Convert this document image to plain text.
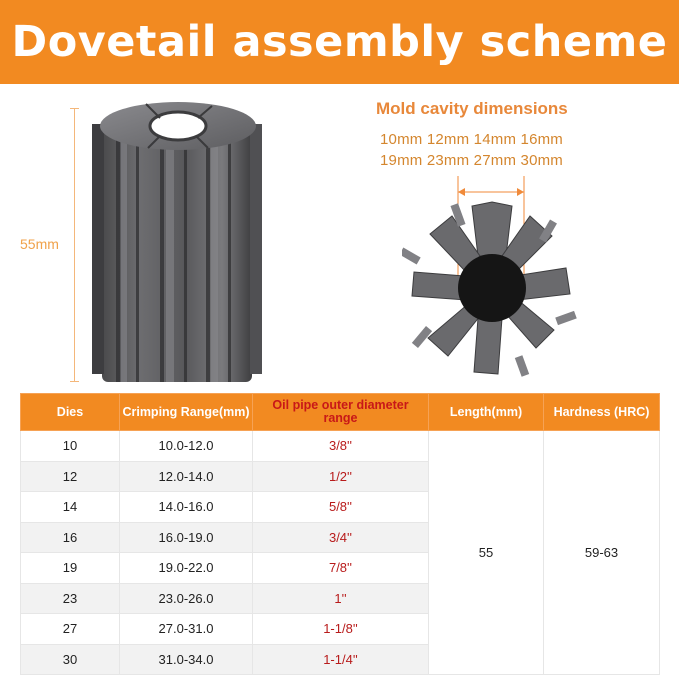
Dovetail assembly scheme
55mm
Mold cavity dimensions
10mm 12mm 14mm 16mm
19mm 23mm 27mm 30mm
Dies	Crimping Range(mm)	Oil pipe outer diameter range	Length(mm)	Hardness (HRC)
10	10.0-12.0	3/8''	55	59-63
12	12.0-14.0	1/2''		
14	14.0-16.0	5/8''		
16	16.0-19.0	3/4''		
19	19.0-22.0	7/8''		
23	23.0-26.0	1''		
27	27.0-31.0	1-1/8''		
30	31.0-34.0	1-1/4''		
